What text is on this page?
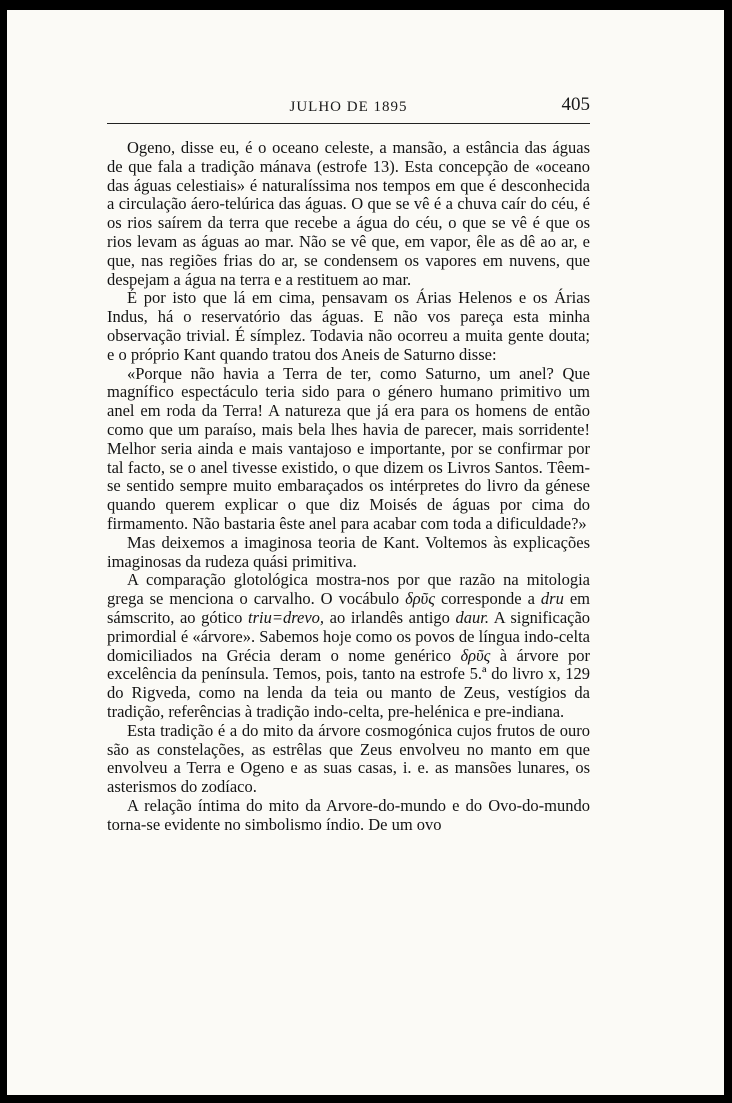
JULHO DE 1895	405

Ogeno, disse eu, é o oceano celeste, a mansão, a estância das águas de que fala a tradição mánava (estrofe 13). Esta concepção de «oceano das águas celestiais» é naturalíssima nos tempos em que é desconhecida a circulação áero-telúrica das águas. O que se vê é a chuva caír do céu, é os rios saírem da terra que recebe a água do céu, o que se vê é que os rios levam as águas ao mar. Não se vê que, em vapor, êle as dê ao ar, e que, nas regiões frias do ar, se condensem os vapores em nuvens, que despejam a água na terra e a restituem ao mar.

É por isto que lá em cima, pensavam os Árias Helenos e os Árias Indus, há o reservatório das águas. E não vos pareça esta minha observação trivial. É símplez. Todavia não ocorreu a muita gente douta; e o próprio Kant quando tratou dos Aneis de Saturno disse:

«Porque não havia a Terra de ter, como Saturno, um anel? Que magnífico espectáculo teria sido para o género humano primitivo um anel em roda da Terra! A natureza que já era para os homens de então como que um paraíso, mais bela lhes havia de parecer, mais sorridente! Melhor seria ainda e mais vantajoso e importante, por se confirmar por tal facto, se o anel tivesse existido, o que dizem os Livros Santos. Têem-se sentido sempre muito embaraçados os intérpretes do livro da génese quando querem explicar o que diz Moisés de águas por cima do firmamento. Não bastaria êste anel para acabar com toda a dificuldade?»

Mas deixemos a imaginosa teoria de Kant. Voltemos às explicações imaginosas da rudeza quási primitiva.

A comparação glotológica mostra-nos por que razão na mitologia grega se menciona o carvalho. O vocábulo δρῦς corresponde a dru em sámscrito, ao gótico triu=drevo, ao irlandês antigo daur. A significação primordial é «árvore». Sabemos hoje como os povos de língua indo-celta domiciliados na Grécia deram o nome genérico δρῦς à árvore por excelência da península. Temos, pois, tanto na estrofe 5.ª do livro x, 129 do Rigveda, como na lenda da teia ou manto de Zeus, vestígios da tradição, referências à tradição indo-celta, pre-helénica e pre-indiana.

Esta tradição é a do mito da árvore cosmogónica cujos frutos de ouro são as constelações, as estrêlas que Zeus envolveu no manto em que envolveu a Terra e Ogeno e as suas casas, i. e. as mansões lunares, os asterismos do zodíaco.

A relação íntima do mito da Arvore-do-mundo e do Ovo-do-mundo torna-se evidente no simbolismo índio. De um ovo
